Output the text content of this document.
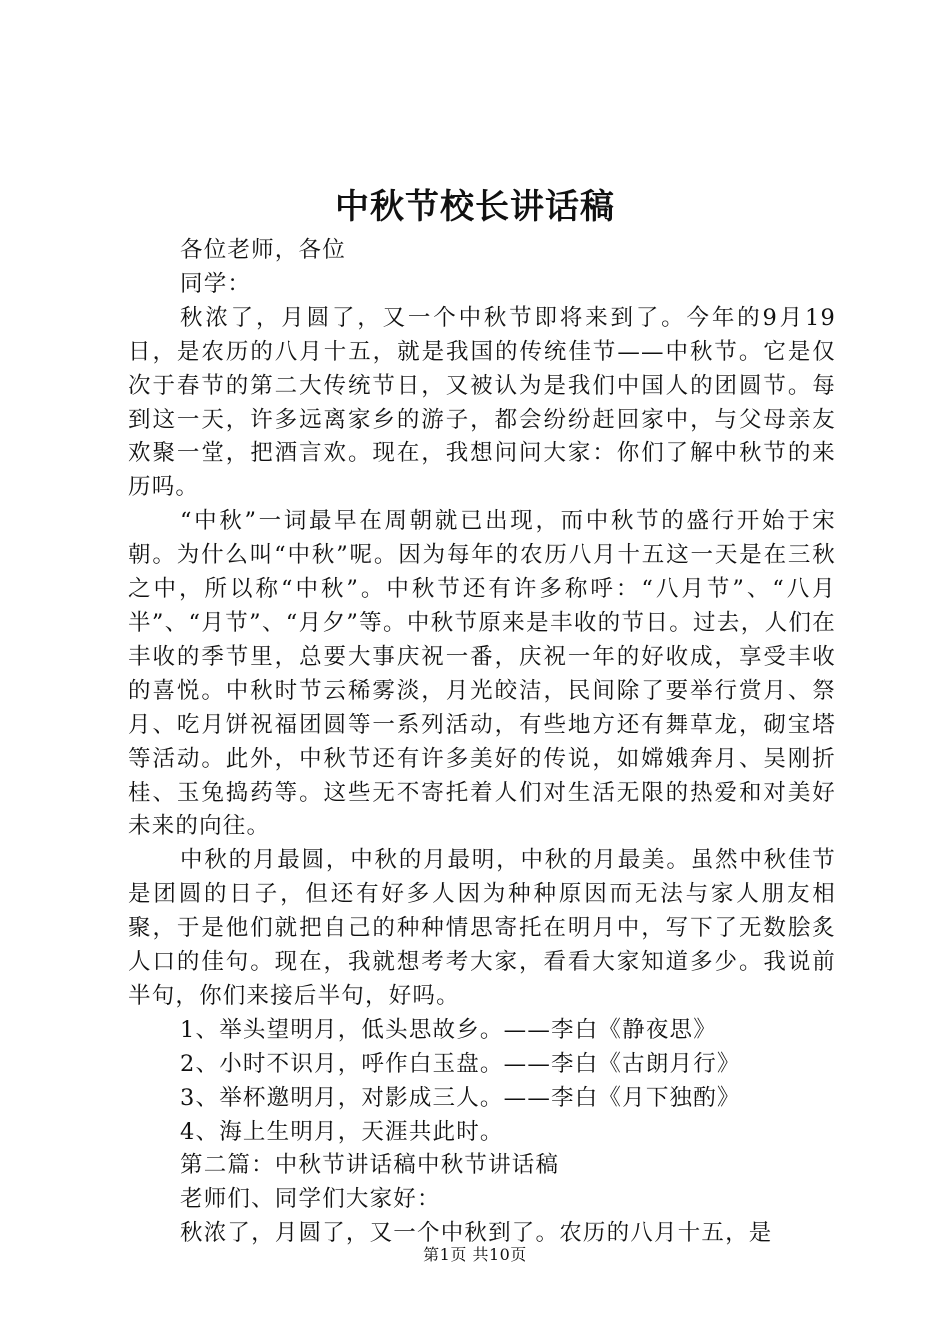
中秋节校长讲话稿

各位老师，各位

同学：

秋浓了，月圆了，又一个中秋节即将来到了。今年的9月19日，是农历的八月十五，就是我国的传统佳节——中秋节。它是仅次于春节的第二大传统节日，又被认为是我们中国人的团圆节。每到这一天，许多远离家乡的游子，都会纷纷赶回家中，与父母亲友欢聚一堂，把酒言欢。现在，我想问问大家：你们了解中秋节的来历吗。

“中秋”一词最早在周朝就已出现，而中秋节的盛行开始于宋朝。为什么叫“中秋”呢。因为每年的农历八月十五这一天是在三秋之中，所以称“中秋”。中秋节还有许多称呼：“八月节”、“八月半”、“月节”、“月夕”等。中秋节原来是丰收的节日。过去，人们在丰收的季节里，总要大事庆祝一番，庆祝一年的好收成，享受丰收的喜悦。中秋时节云稀雾淡，月光皎洁，民间除了要举行赏月、祭月、吃月饼祝福团圆等一系列活动，有些地方还有舞草龙，砌宝塔等活动。此外，中秋节还有许多美好的传说，如嫦娥奔月、吴刚折桂、玉兔捣药等。这些无不寄托着人们对生活无限的热爱和对美好未来的向往。

中秋的月最圆，中秋的月最明，中秋的月最美。虽然中秋佳节是团圆的日子，但还有好多人因为种种原因而无法与家人朋友相聚，于是他们就把自己的种种情思寄托在明月中，写下了无数脍炙人口的佳句。现在，我就想考考大家，看看大家知道多少。我说前半句，你们来接后半句，好吗。

1、举头望明月，低头思故乡。——李白《静夜思》

2、小时不识月，呼作白玉盘。——李白《古朗月行》

3、举杯邀明月，对影成三人。——李白《月下独酌》

4、海上生明月，天涯共此时。

第二篇：中秋节讲话稿中秋节讲话稿

老师们、同学们大家好：

秋浓了，月圆了，又一个中秋到了。农历的八月十五，是

第1页 共10页
